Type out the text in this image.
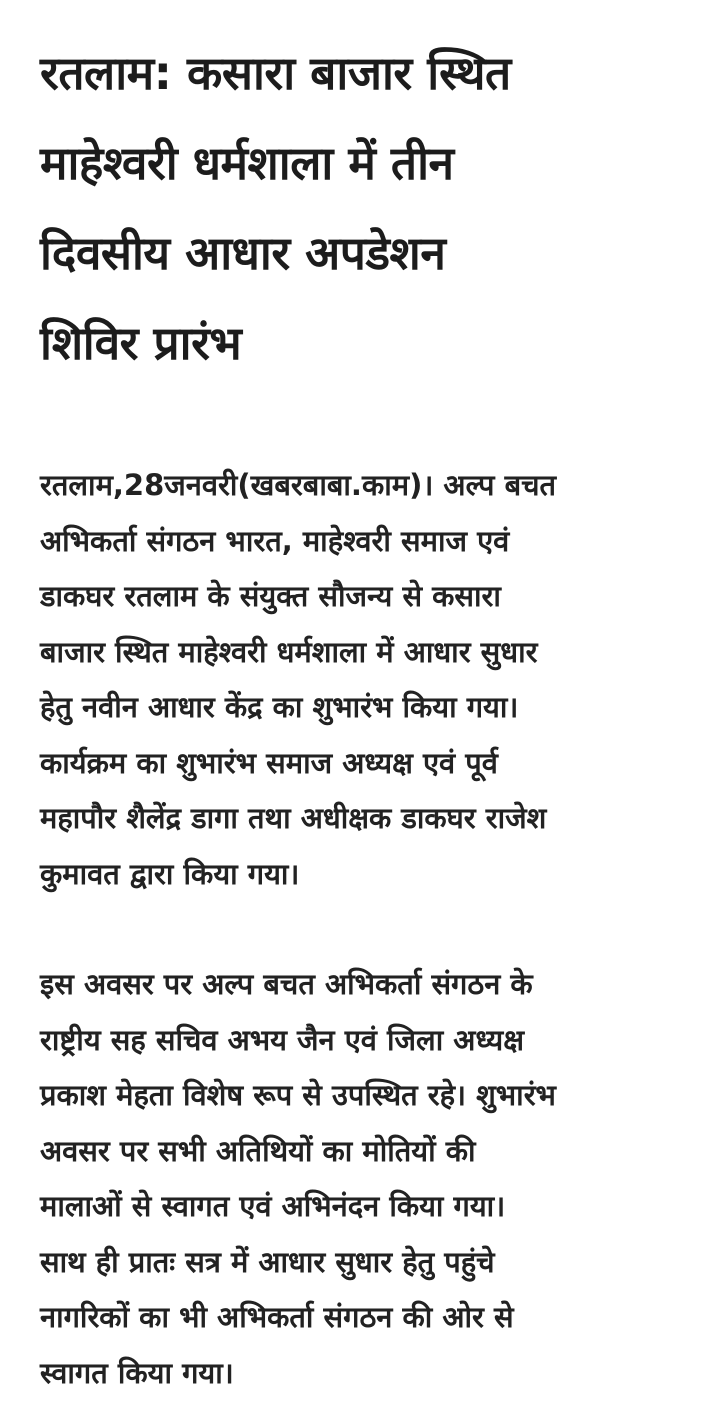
रतलाम: कसारा बाजार स्थित
माहेश्वरी धर्मशाला में तीन
दिवसीय आधार अपडेशन
शिविर प्रारंभ

रतलाम,28जनवरी(खबरबाबा.काम)। अल्प बचत
अभिकर्ता संगठन भारत, माहेश्वरी समाज एवं
डाकघर रतलाम के संयुक्त सौजन्य से कसारा
बाजार स्थित माहेश्वरी धर्मशाला में आधार सुधार
हेतु नवीन आधार केंद्र का शुभारंभ किया गया।
कार्यक्रम का शुभारंभ समाज अध्यक्ष एवं पूर्व
महापौर शैलेंद्र डागा तथा अधीक्षक डाकघर राजेश
कुमावत द्वारा किया गया।

इस अवसर पर अल्प बचत अभिकर्ता संगठन के
राष्ट्रीय सह सचिव अभय जैन एवं जिला अध्यक्ष
प्रकाश मेहता विशेष रूप से उपस्थित रहे। शुभारंभ
अवसर पर सभी अतिथियों का मोतियों की
मालाओं से स्वागत एवं अभिनंदन किया गया।
साथ ही प्रातः सत्र में आधार सुधार हेतु पहुंचे
नागरिकों का भी अभिकर्ता संगठन की ओर से
स्वागत किया गया।
